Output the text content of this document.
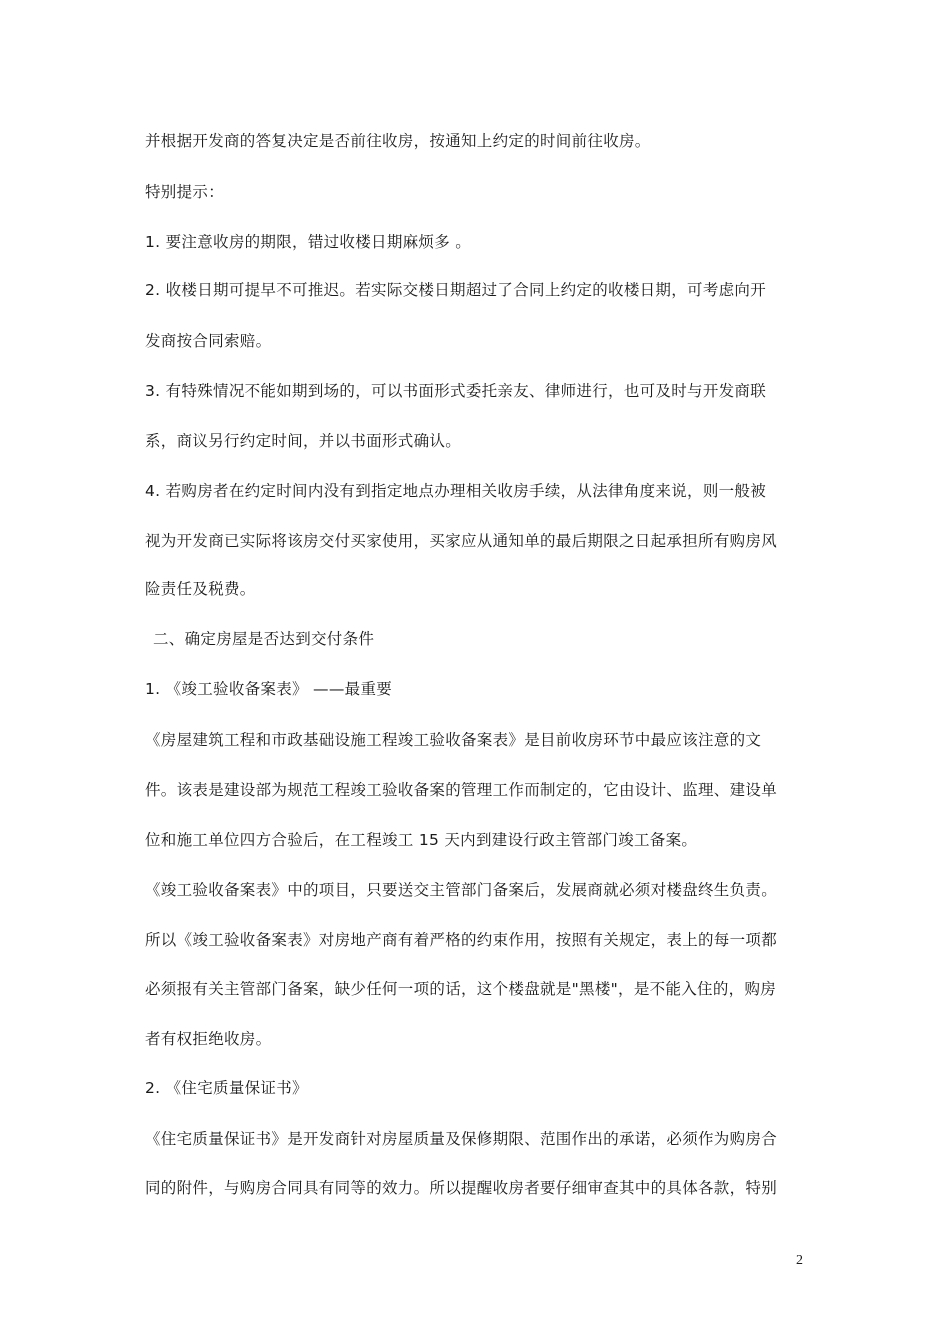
并根据开发商的答复决定是否前往收房，按通知上约定的时间前往收房。
特别提示：
1. 要注意收房的期限，错过收楼日期麻烦多 。
2. 收楼日期可提早不可推迟。若实际交楼日期超过了合同上约定的收楼日期，可考虑向开
发商按合同索赔。
3. 有特殊情况不能如期到场的，可以书面形式委托亲友、律师进行，也可及时与开发商联
系，商议另行约定时间，并以书面形式确认。
4. 若购房者在约定时间内没有到指定地点办理相关收房手续，从法律角度来说，则一般被
视为开发商已实际将该房交付买家使用，买家应从通知单的最后期限之日起承担所有购房风
险责任及税费。
二、确定房屋是否达到交付条件
1. 《竣工验收备案表》 ——最重要
《房屋建筑工程和市政基础设施工程竣工验收备案表》是目前收房环节中最应该注意的文
件。该表是建设部为规范工程竣工验收备案的管理工作而制定的，它由设计、监理、建设单
位和施工单位四方合验后，在工程竣工 15 天内到建设行政主管部门竣工备案。
《竣工验收备案表》中的项目，只要送交主管部门备案后，发展商就必须对楼盘终生负责。
所以《竣工验收备案表》对房地产商有着严格的约束作用，按照有关规定，表上的每一项都
必须报有关主管部门备案，缺少任何一项的话，这个楼盘就是"黑楼"，是不能入住的，购房
者有权拒绝收房。
2. 《住宅质量保证书》
《住宅质量保证书》是开发商针对房屋质量及保修期限、范围作出的承诺，必须作为购房合
同的附件，与购房合同具有同等的效力。所以提醒收房者要仔细审查其中的具体各款，特别
2
